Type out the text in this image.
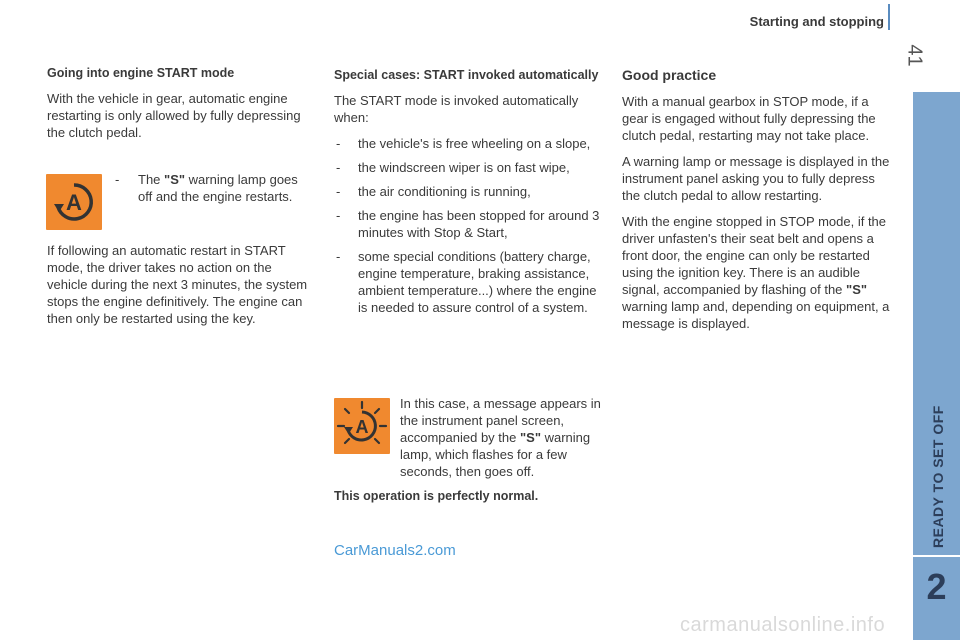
Starting and stopping
41
READY TO SET OFF
2
Going into engine START mode

With the vehicle in gear, automatic engine restarting is only allowed by fully depressing the clutch pedal.

A
- The "S" warning lamp goes off and the engine restarts.

If following an automatic restart in START mode, the driver takes no action on the vehicle during the next 3 minutes, the system stops the engine definitively. The engine can then only be restarted using the key.

Special cases: START invoked automatically

The START mode is invoked automatically when:

- the vehicle's is free wheeling on a slope,
- the windscreen wiper is on fast wipe,
- the air conditioning is running,
- the engine has been stopped for around 3 minutes with Stop & Start,
- some special conditions (battery charge, engine temperature, braking assistance, ambient temperature...) where the engine is needed to assure control of a system.
A
In this case, a message appears in the instrument panel screen, accompanied by the "S" warning lamp, which flashes for a few seconds, then goes off.
This operation is perfectly normal.
Good practice

With a manual gearbox in STOP mode, if a gear is engaged without fully depressing the clutch pedal, restarting may not take place.

A warning lamp or message is displayed in the instrument panel asking you to fully depress the clutch pedal to allow restarting.

With the engine stopped in STOP mode, if the driver unfasten's their seat belt and opens a front door, the engine can only be restarted using the ignition key. There is an audible signal, accompanied by flashing of the "S" warning lamp and, depending on equipment, a message is displayed.

CarManuals2.com
carmanualsonline.info
